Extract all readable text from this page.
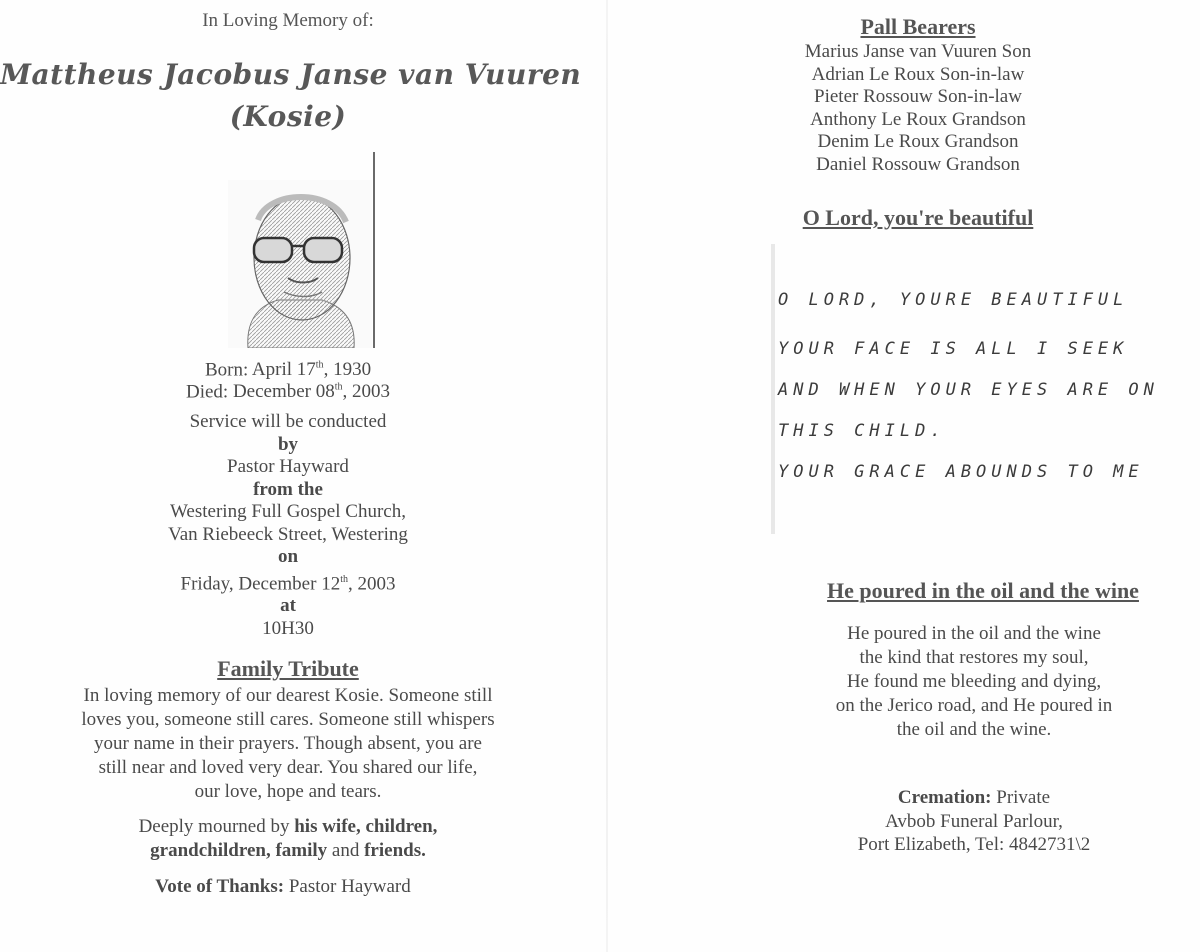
In Loving Memory of:
Mattheus Jacobus Janse van Vuuren
(Kosie)
Born: April 17th, 1930
Died: December 08th, 2003
Service will be conducted
by
Pastor Hayward
from the
Westering Full Gospel Church,
Van Riebeeck Street, Westering
on
Friday, December 12th, 2003
at
10H30
Family Tribute
In loving memory of our dearest Kosie. Someone still
loves you, someone still cares. Someone still whispers
your name in their prayers. Though absent, you are
still near and loved very dear. You shared our life,
our love, hope and tears.
Deeply mourned by his wife, children,
grandchildren, family and friends.
Vote of Thanks: Pastor Hayward
Pall Bearers
Marius Janse van Vuuren Son
Adrian Le Roux Son-in-law
Pieter Rossouw Son-in-law
Anthony Le Roux Grandson
Denim Le Roux Grandson
Daniel Rossouw Grandson
O Lord, you're beautiful
O LORD, YOURE BEAUTIFUL
YOUR FACE IS ALL I SEEK
AND WHEN YOUR EYES ARE ON
THIS CHILD.
YOUR GRACE ABOUNDS TO ME
He poured in the oil and the wine
He poured in the oil and the wine
the kind that restores my soul,
He found me bleeding and dying,
on the Jerico road, and He poured in
the oil and the wine.
Cremation: Private
Avbob Funeral Parlour,
Port Elizabeth, Tel: 4842731\2
